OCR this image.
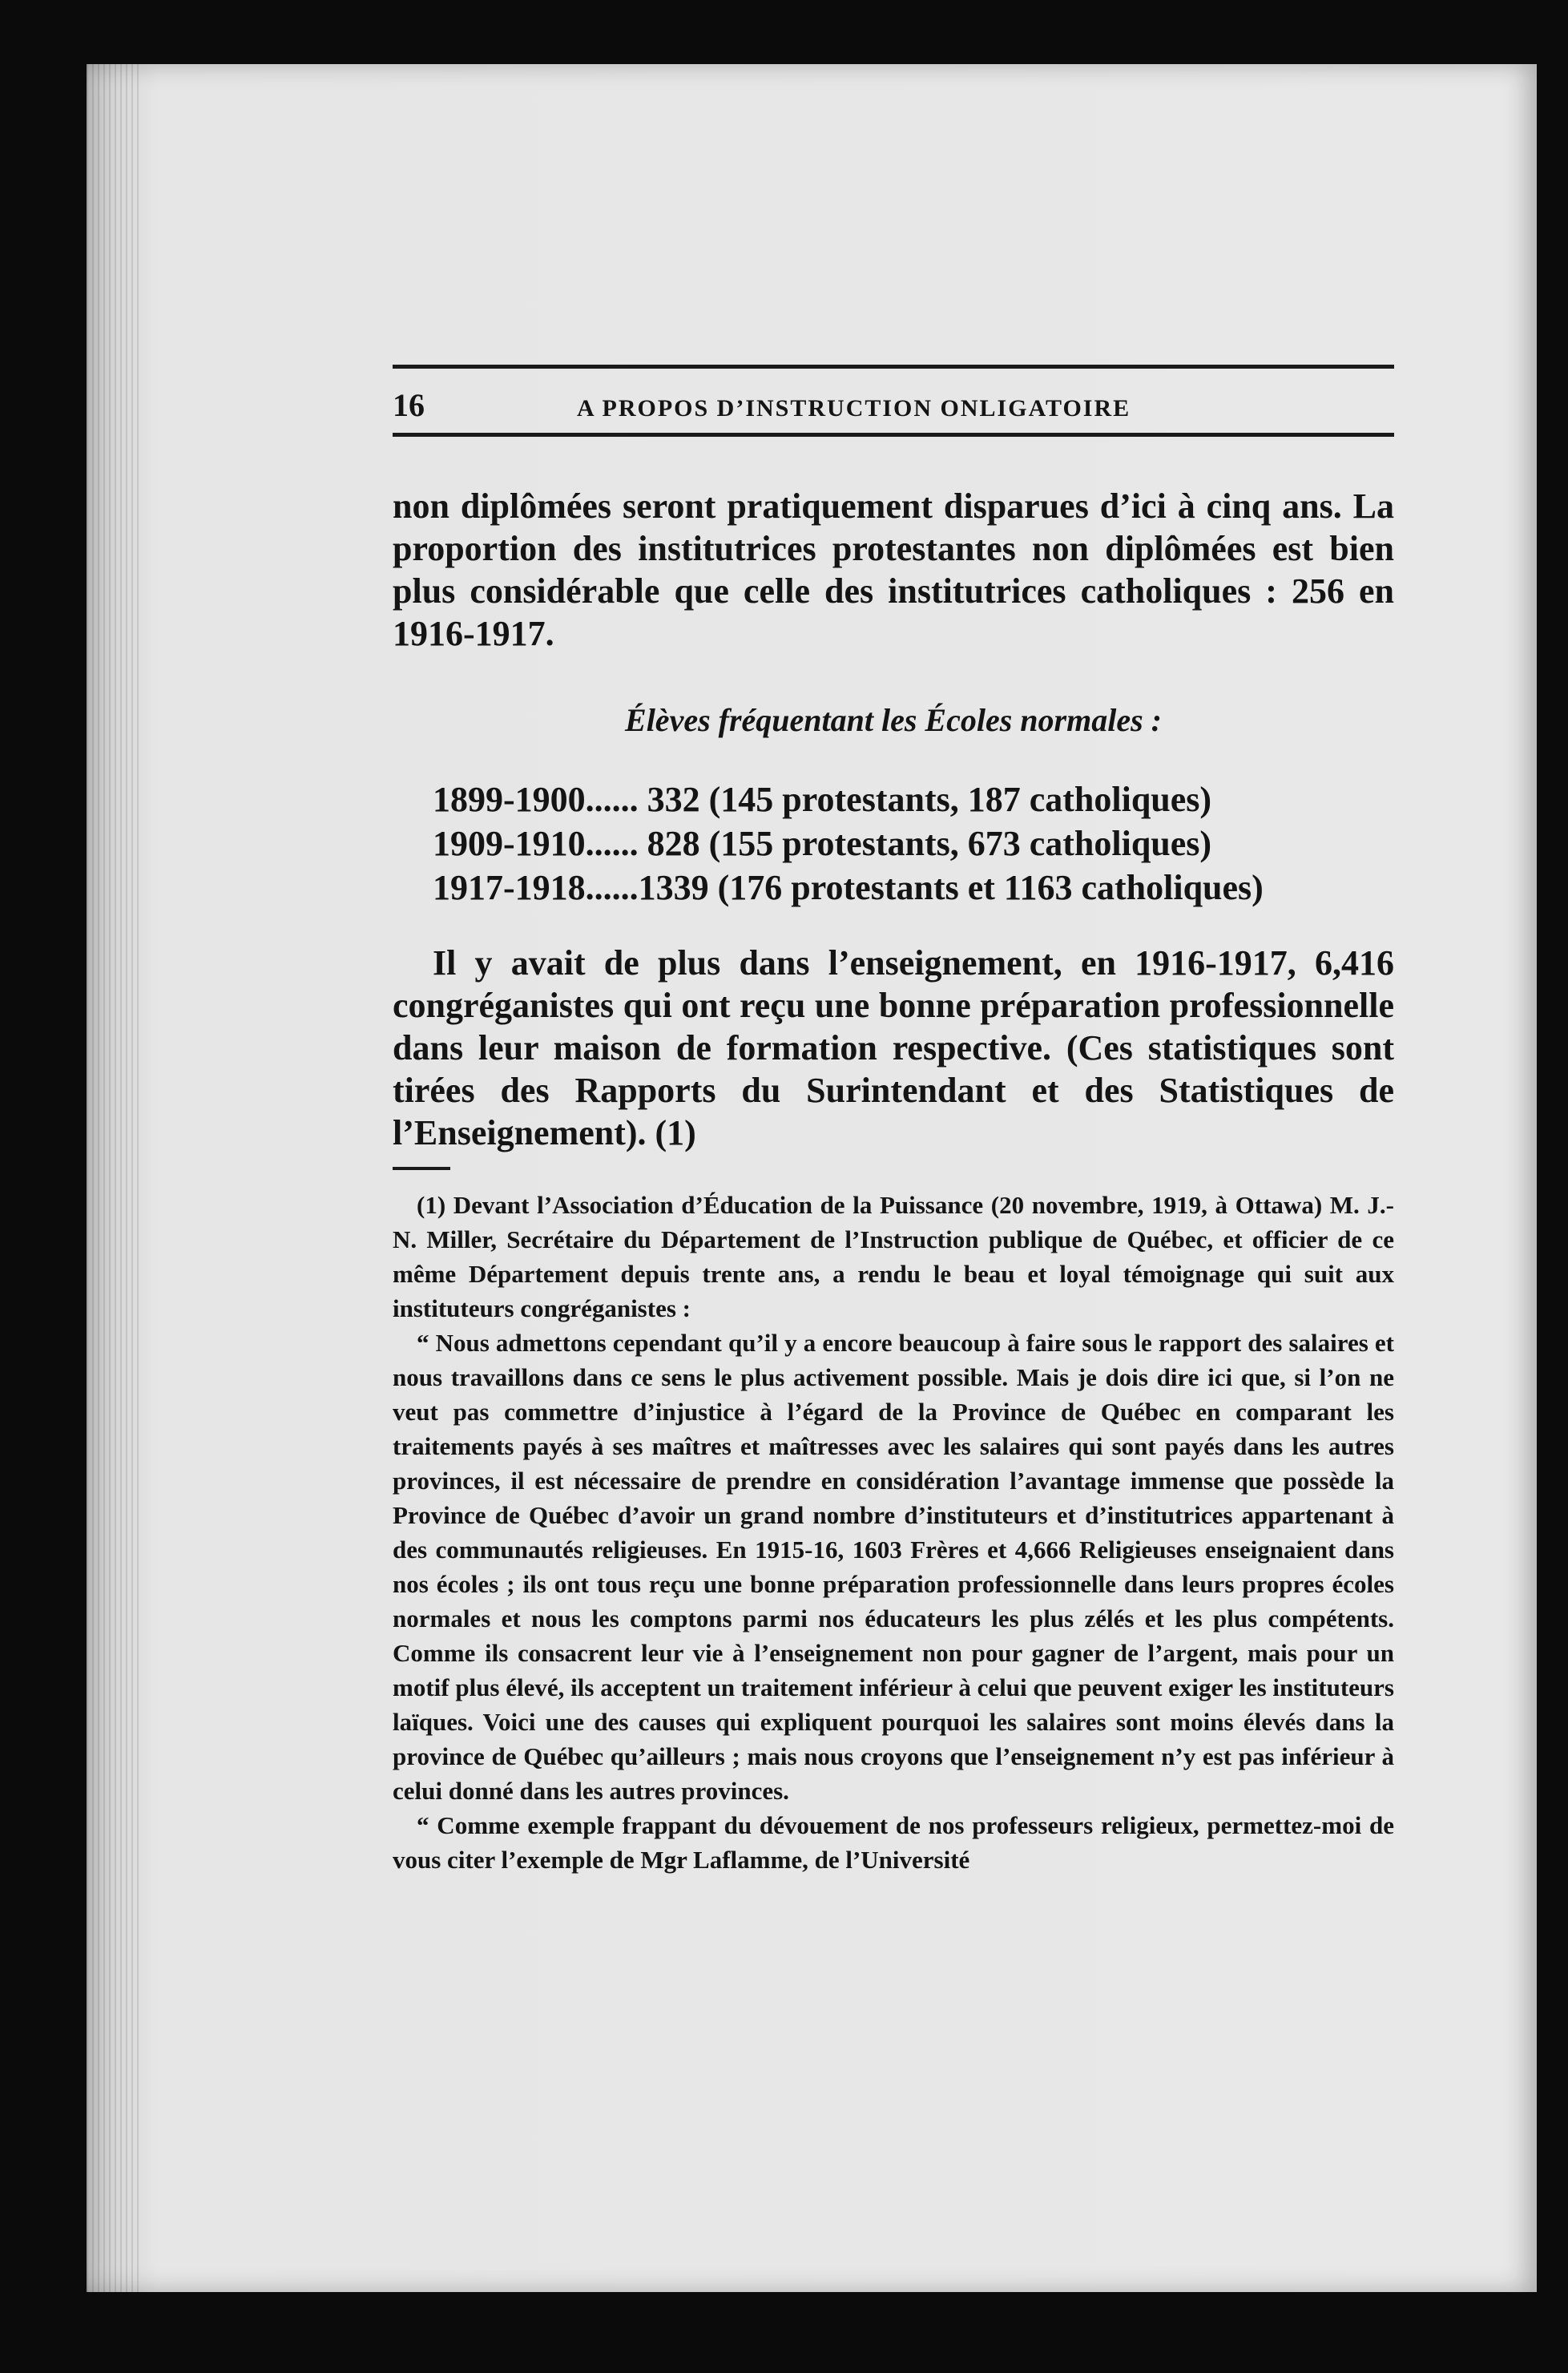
16	A PROPOS D’INSTRUCTION ONLIGATOIRE

non diplômées seront pratiquement disparues d’ici à cinq ans. La proportion des institutrices protestantes non diplômées est bien plus considérable que celle des institutrices catholiques : 256 en 1916-1917.

Élèves fréquentant les Écoles normales :
1899-1900...... 332 (145 protestants, 187 catholiques)
1909-1910...... 828 (155 protestants, 673 catholiques)
1917-1918......1339 (176 protestants et 1163 catholiques)

Il y avait de plus dans l’enseignement, en 1916-1917, 6,416 congréganistes qui ont reçu une bonne préparation professionnelle dans leur maison de formation respective. (Ces statistiques sont tirées des Rapports du Surintendant et des Statistiques de l’Enseignement). (1)

(1) Devant l’Association d’Éducation de la Puissance (20 novembre, 1919, à Ottawa) M. J.-N. Miller, Secrétaire du Département de l’Instruction publique de Québec, et officier de ce même Département depuis trente ans, a rendu le beau et loyal témoignage qui suit aux instituteurs congréganistes :

“ Nous admettons cependant qu’il y a encore beaucoup à faire sous le rapport des salaires et nous travaillons dans ce sens le plus activement possible. Mais je dois dire ici que, si l’on ne veut pas commettre d’injustice à l’égard de la Province de Québec en comparant les traitements payés à ses maîtres et maîtresses avec les salaires qui sont payés dans les autres provinces, il est nécessaire de prendre en considération l’avantage immense que possède la Province de Québec d’avoir un grand nombre d’instituteurs et d’institutrices appartenant à des communautés religieuses. En 1915-16, 1603 Frères et 4,666 Religieuses enseignaient dans nos écoles ; ils ont tous reçu une bonne préparation professionnelle dans leurs propres écoles normales et nous les comptons parmi nos éducateurs les plus zélés et les plus compétents. Comme ils consacrent leur vie à l’enseignement non pour gagner de l’argent, mais pour un motif plus élevé, ils acceptent un traitement inférieur à celui que peuvent exiger les instituteurs laïques. Voici une des causes qui expliquent pourquoi les salaires sont moins élevés dans la province de Québec qu’ailleurs ; mais nous croyons que l’enseignement n’y est pas inférieur à celui donné dans les autres provinces.

“ Comme exemple frappant du dévouement de nos professeurs religieux, permettez-moi de vous citer l’exemple de Mgr Laflamme, de l’Université
